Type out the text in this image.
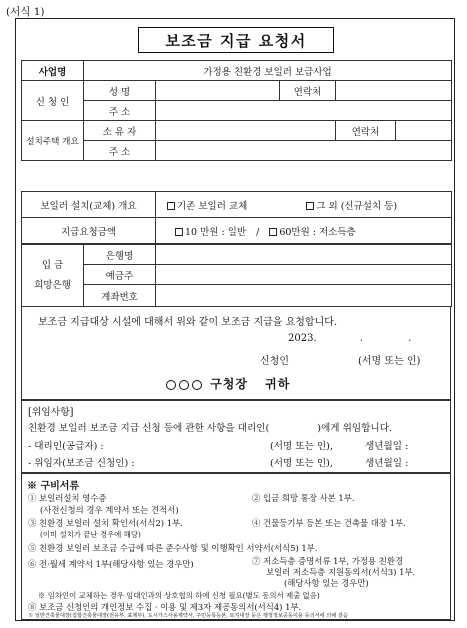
(서식 1)
보조금 지급 요청서
사업명	가정용 친환경 보일러 보급사업			
신 청 인	성 명		연락처	
	주 소			
설치주택 개요	소 유 자			연락처

	주 소			
보일러 설치(교체) 개요	기존 보일러 교체 그 외 (신규설치 등)
지급요청금액	10 만원 : 일반 / 60만원 : 저소득층
입 금
희망은행	은행명	
	예금주	
	계좌번호	
보조금 지급대상 시설에 대해서 위와 같이 보조금 지급을 요청합니다.
2023.	.	.
신청인	(서명 또는 인)
구청장 귀하
[위임사항]
친환경 보일러 보조금 지급 신청 등에 관한 사항을 대리인(	)에게 위임합니다.
- 대리인(공급자) :	(서명 또는 인),	생년월일 :
- 위임자(보조금 신청인) :	(서명 또는 인),	생년월일 :
※ 구비서류
① 보일러설치 영수증
(사전신청의 경우 계약서 또는 견적서)
② 입금 희망 통장 사본 1부.
③ 친환경 보일러 설치 확인서(서식2) 1부.
(이미 설치가 끝난 경우에 해당)
④ 건물등기부 등본 또는 건축물 대장 1부.
⑤ 친환경 보일러 보조금 수급에 따른 준수사항 및 이행확인 서약서(서식5) 1부.
⑥ 전·월세 계약서 1부(해당사항 있는 경우만)	⑦ 저소득층 증명서류 1부, 가정용 친환경
보일러 저소득층 지원동의서(서식3) 1부.
(해당사항 있는 경우만)
※ 임차인이 교체하는 경우 임대인과의 상호협의 하에 신청 필요(별도 동의서 제출 없음)
⑧ 보조금 신청인의 개인정보 수집 · 이용 및 제3자 제공동의서(서식4) 1부.
※ 일반건축물대장(집합건축물대장(전유부, 표제부), 도시가스사용계약서, 주민등록등본, 토지대장 등은 행정정보공동이용 동의서에 의해 갈음
